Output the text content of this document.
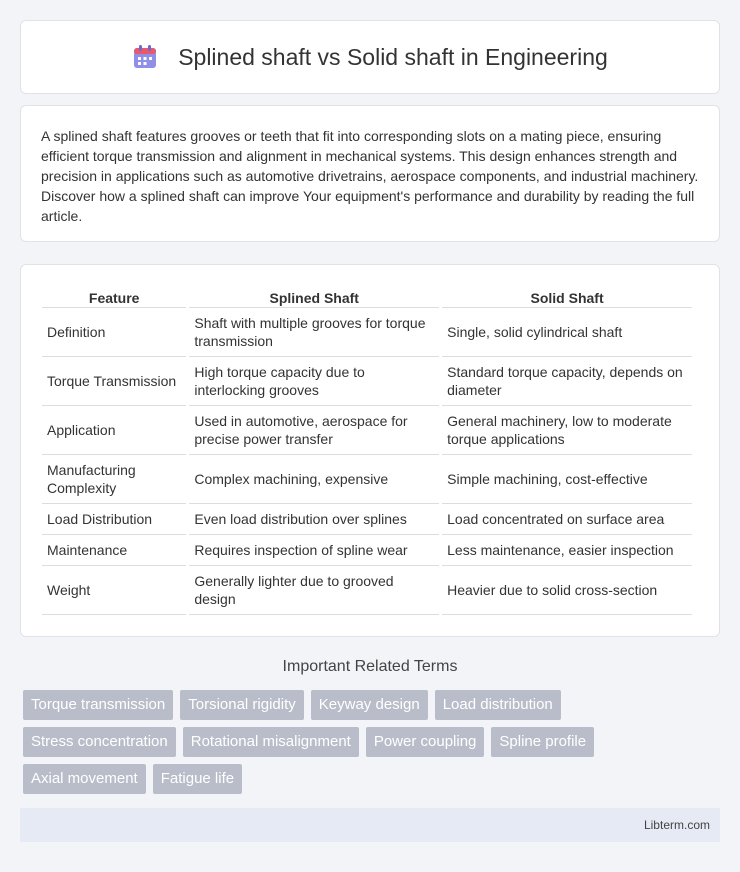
Splined shaft vs Solid shaft in Engineering

A splined shaft features grooves or teeth that fit into corresponding slots on a mating piece, ensuring efficient torque transmission and alignment in mechanical systems. This design enhances strength and precision in applications such as automotive drivetrains, aerospace components, and industrial machinery. Discover how a splined shaft can improve Your equipment's performance and durability by reading the full article.

Feature	Splined Shaft	Solid Shaft
Definition	Shaft with multiple grooves for torque transmission	Single, solid cylindrical shaft
Torque Transmission	High torque capacity due to interlocking grooves	Standard torque capacity, depends on diameter
Application	Used in automotive, aerospace for precise power transfer	General machinery, low to moderate torque applications
Manufacturing Complexity	Complex machining, expensive	Simple machining, cost-effective
Load Distribution	Even load distribution over splines	Load concentrated on surface area
Maintenance	Requires inspection of spline wear	Less maintenance, easier inspection
Weight	Generally lighter due to grooved design	Heavier due to solid cross-section
Important Related Terms
Torque transmission	Torsional rigidity	Keyway design	Load distribution
Stress concentration	Rotational misalignment	Power coupling	Spline profile
Axial movement	Fatigue life
Libterm.com
